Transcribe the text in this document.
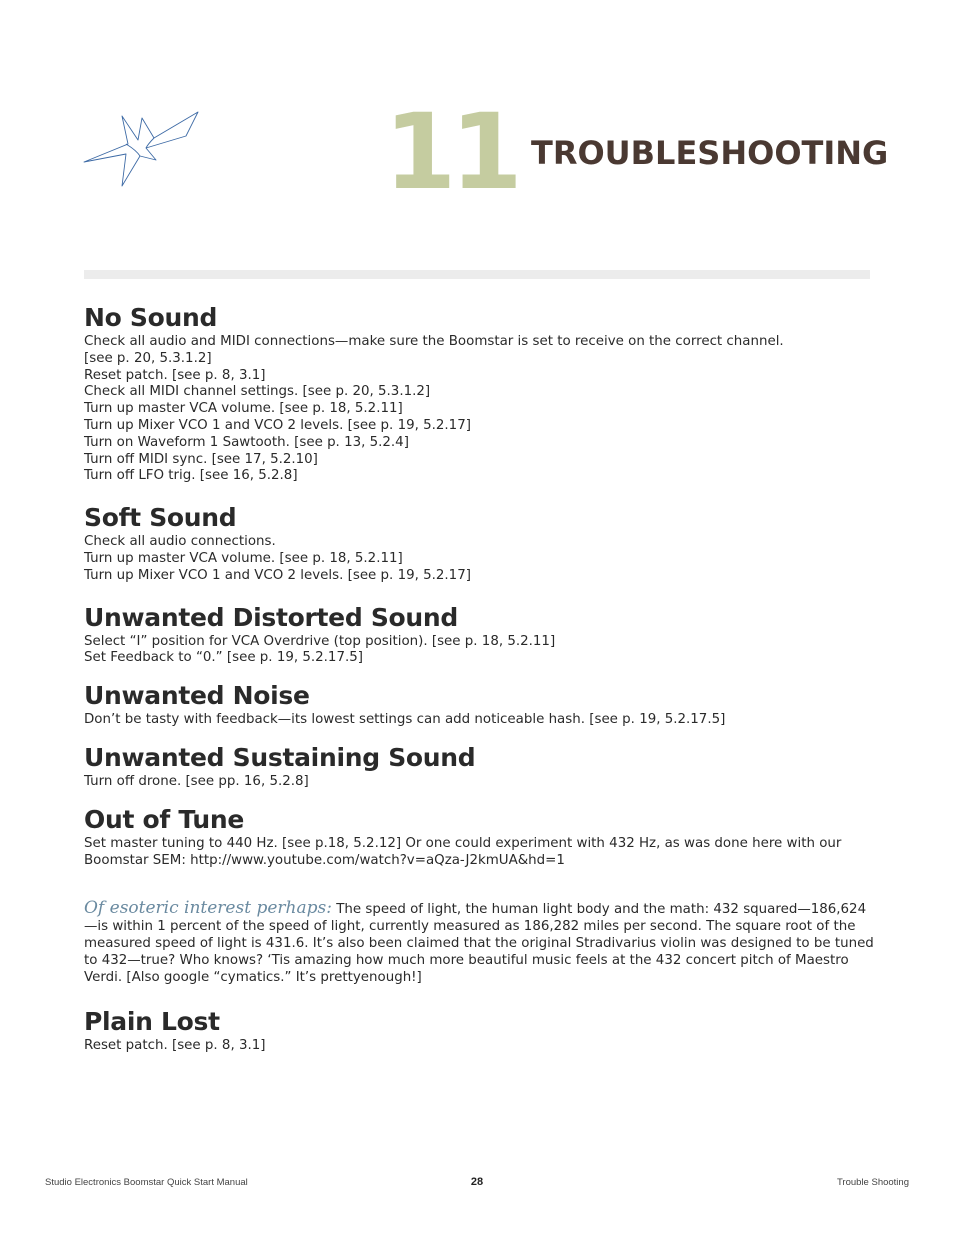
11 TROUBLESHOOTING
No Sound
Check all audio and MIDI connections—make sure the Boomstar is set to receive on the correct channel.
[see p. 20, 5.3.1.2]
Reset patch. [see p. 8, 3.1]
Check all MIDI channel settings. [see p. 20, 5.3.1.2]
Turn up master VCA volume. [see p. 18, 5.2.11]
Turn up Mixer VCO 1 and VCO 2 levels. [see p. 19, 5.2.17]
Turn on Waveform 1 Sawtooth. [see p. 13, 5.2.4]
Turn off MIDI sync. [see 17, 5.2.10]
Turn off LFO trig. [see 16, 5.2.8]
Soft Sound
Check all audio connections.
Turn up master VCA volume. [see p. 18, 5.2.11]
Turn up Mixer VCO 1 and VCO 2 levels. [see p. 19, 5.2.17]
Unwanted Distorted Sound
Select “I” position for VCA Overdrive (top position). [see p. 18, 5.2.11]
Set Feedback to “0.” [see p. 19, 5.2.17.5]
Unwanted Noise
Don’t be tasty with feedback—its lowest settings can add noticeable hash. [see p. 19, 5.2.17.5]
Unwanted Sustaining Sound
Turn off drone. [see pp. 16, 5.2.8]
Out of Tune
Set master tuning to 440 Hz. [see p.18, 5.2.12] Or one could experiment with 432 Hz, as was done here with our
Boomstar SEM: http://www.youtube.com/watch?v=aQza-J2kmUA&hd=1

Of esoteric interest perhaps: The speed of light, the human light body and the math: 432 squared—186,624—is within 1 percent of the speed of light, currently measured as 186,282 miles per second. The square root of the measured speed of light is 431.6. It’s also been claimed that the original Stradivarius violin was designed to be tuned to 432—true? Who knows? ‘Tis amazing how much more beautiful music feels at the 432 concert pitch of Maestro Verdi. [Also google “cymatics.” It’s prettyenough!]

Plain Lost
Reset patch. [see p. 8, 3.1]
Studio Electronics Boomstar Quick Start Manual	28	Trouble Shooting
